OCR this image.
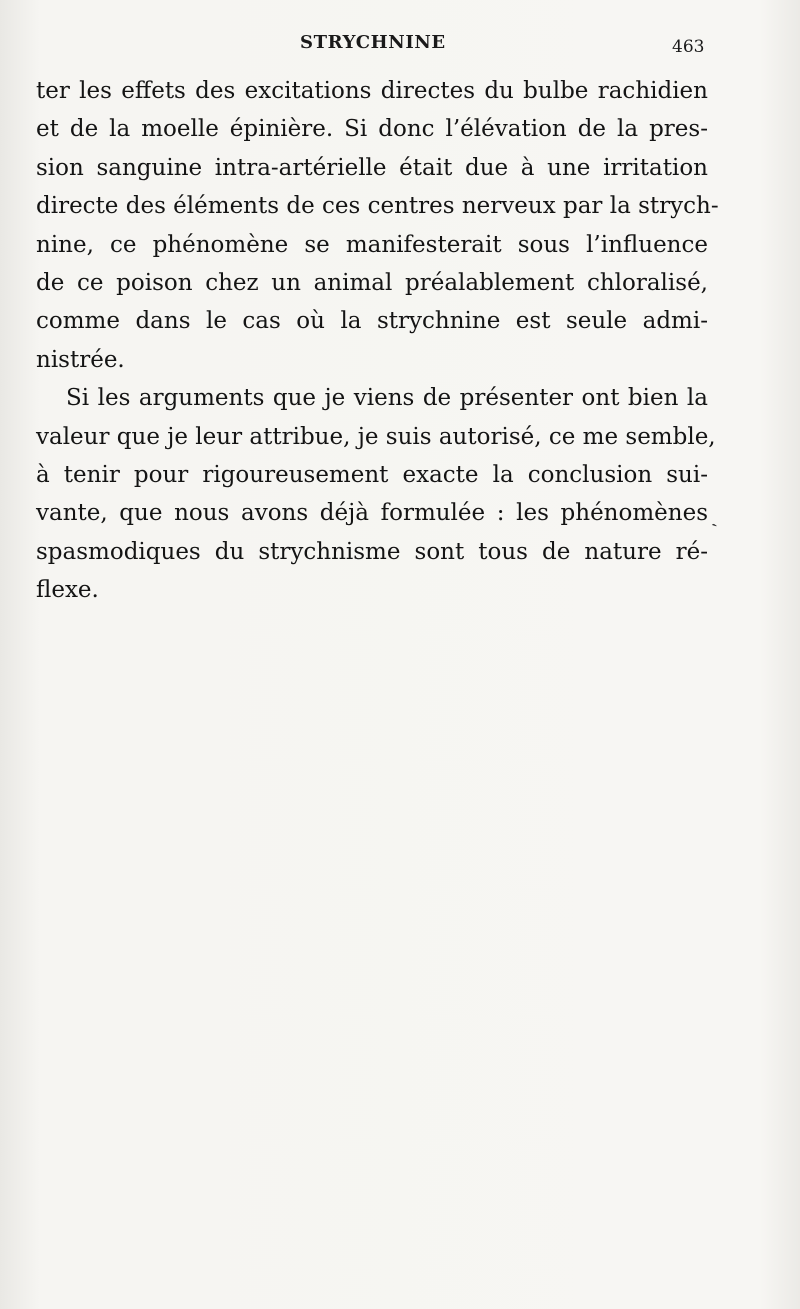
STRYCHNINE	463
ter les effets des excitations directes du bulbe rachidien
et de la moelle épinière. Si donc l’élévation de la pres-
sion sanguine intra-artérielle était due à une irritation
directe des éléments de ces centres nerveux par la strych-
nine, ce phénomène se manifesterait sous l’influence
de ce poison chez un animal préalablement chloralisé,
comme dans le cas où la strychnine est seule admi-
nistrée.
Si les arguments que je viens de présenter ont bien la
valeur que je leur attribue, je suis autorisé, ce me semble,
à tenir pour rigoureusement exacte la conclusion sui-
vante, que nous avons déjà formulée : les phénomènes
spasmodiques du strychnisme sont tous de nature ré-
flexe.
ˎ
